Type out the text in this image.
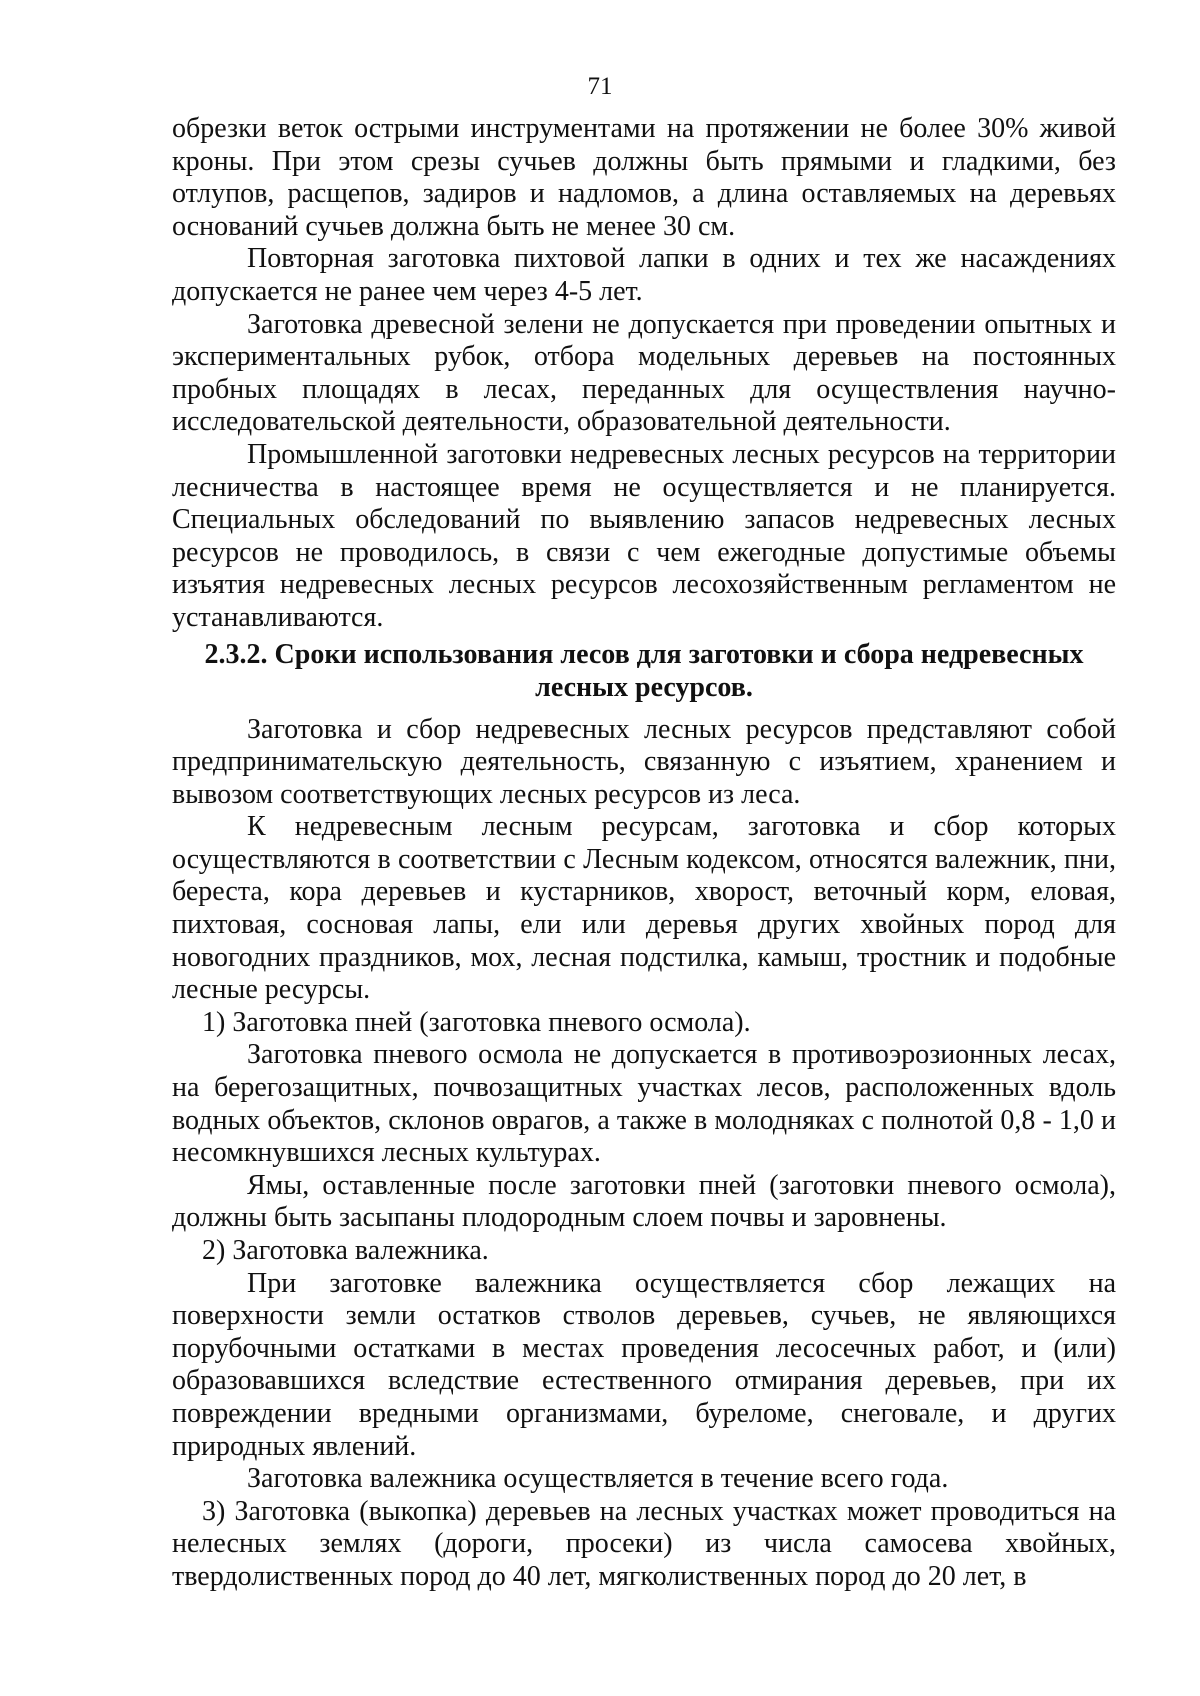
71

обрезки веток острыми инструментами на протяжении не более 30% живой кроны. При этом срезы сучьев должны быть прямыми и гладкими, без отлупов, расщепов, задиров и надломов, а длина оставляемых на деревьях оснований сучьев должна быть не менее 30 см.

Повторная заготовка пихтовой лапки в одних и тех же насаждениях допускается не ранее чем через 4-5 лет.

Заготовка древесной зелени не допускается при проведении опытных и экспериментальных рубок, отбора модельных деревьев на постоянных пробных площадях в лесах, переданных для осуществления научно-исследовательской деятельности, образовательной деятельности.

Промышленной заготовки недревесных лесных ресурсов на территории лесничества в настоящее время не осуществляется и не планируется. Специальных обследований по выявлению запасов недревесных лесных ресурсов не проводилось, в связи с чем ежегодные допустимые объемы изъятия недревесных лесных ресурсов лесохозяйственным регламентом не устанавливаются.

2.3.2. Сроки использования лесов для заготовки и сбора недревесных лесных ресурсов.

Заготовка и сбор недревесных лесных ресурсов представляют собой предпринимательскую деятельность, связанную с изъятием, хранением и вывозом соответствующих лесных ресурсов из леса.

К недревесным лесным ресурсам, заготовка и сбор которых осуществляются в соответствии с Лесным кодексом, относятся валежник, пни, береста, кора деревьев и кустарников, хворост, веточный корм, еловая, пихтовая, сосновая лапы, ели или деревья других хвойных пород для новогодних праздников, мох, лесная подстилка, камыш, тростник и подобные лесные ресурсы.

1) Заготовка пней (заготовка пневого осмола).

Заготовка пневого осмола не допускается в противоэрозионных лесах, на берегозащитных, почвозащитных участках лесов, расположенных вдоль водных объектов, склонов оврагов, а также в молодняках с полнотой 0,8 - 1,0 и несомкнувшихся лесных культурах.

Ямы, оставленные после заготовки пней (заготовки пневого осмола), должны быть засыпаны плодородным слоем почвы и заровнены.

2) Заготовка валежника.

При заготовке валежника осуществляется сбор лежащих на поверхности земли остатков стволов деревьев, сучьев, не являющихся порубочными остатками в местах проведения лесосечных работ, и (или) образовавшихся вследствие естественного отмирания деревьев, при их повреждении вредными организмами, буреломе, снеговале, и других природных явлений.

Заготовка валежника осуществляется в течение всего года.

3) Заготовка (выкопка) деревьев на лесных участках может проводиться на нелесных землях (дороги, просеки) из числа самосева хвойных, твердолиственных пород до 40 лет, мягколиственных пород до 20 лет, в
